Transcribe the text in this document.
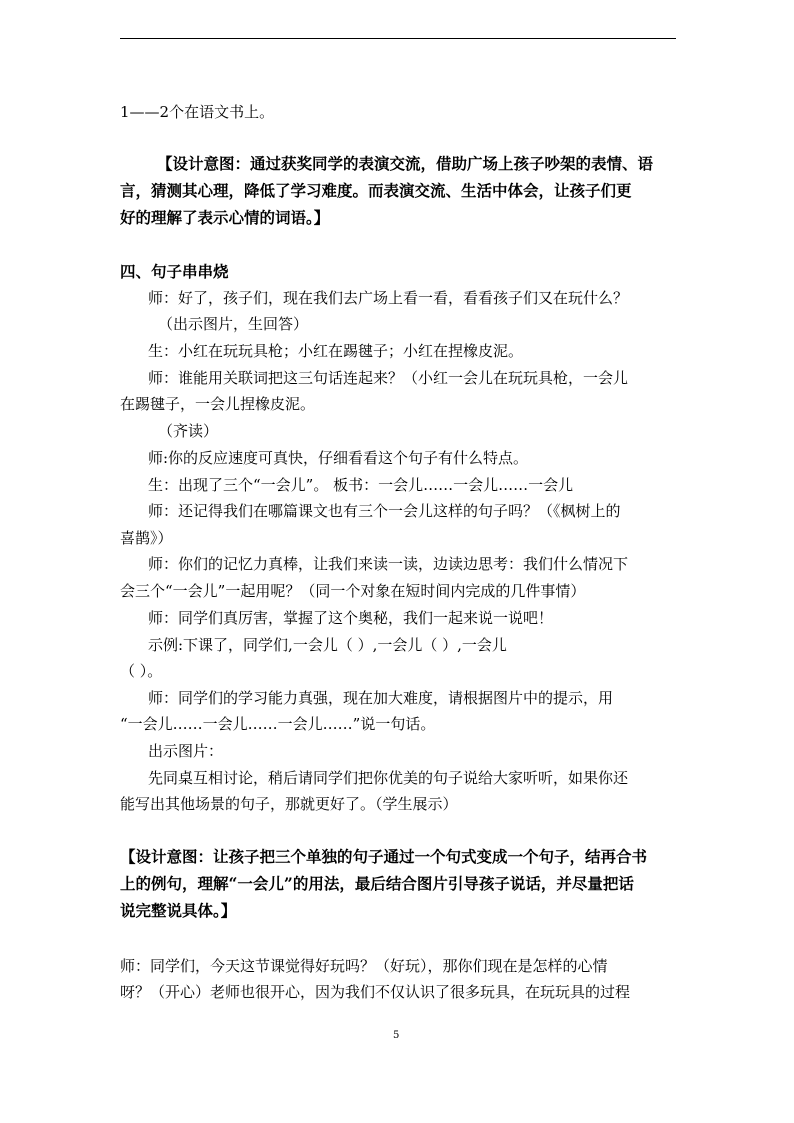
1——2个在语文书上。
【设计意图：通过获奖同学的表演交流，借助广场上孩子吵架的表情、语
言，猜测其心理，降低了学习难度。而表演交流、生活中体会，让孩子们更
好的理解了表示心情的词语。】
四、句子串串烧
师：好了，孩子们，现在我们去广场上看一看，看看孩子们又在玩什么？
（出示图片，生回答）
生：小红在玩玩具枪；小红在踢毽子；小红在捏橡皮泥。
师：谁能用关联词把这三句话连起来？（小红一会儿在玩玩具枪，一会儿
在踢毽子，一会儿捏橡皮泥。
（齐读）
师:你的反应速度可真快，仔细看看这个句子有什么特点。
生：出现了三个“一会儿”。 板书：一会儿……一会儿……一会儿
师：还记得我们在哪篇课文也有三个一会儿这样的句子吗？（《枫树上的
喜鹊》）
师：你们的记忆力真棒，让我们来读一读，边读边思考：我们什么情况下
会三个“一会儿”一起用呢？（同一个对象在短时间内完成的几件事情）
师：同学们真厉害，掌握了这个奥秘，我们一起来说一说吧！
示例:下课了，同学们,一会儿（ ）,一会儿（ ）,一会儿
（ ）。
师：同学们的学习能力真强，现在加大难度，请根据图片中的提示，用
“一会儿……一会儿……一会儿……”说一句话。
出示图片：
先同桌互相讨论，稍后请同学们把你优美的句子说给大家听听，如果你还
能写出其他场景的句子，那就更好了。（学生展示）
【设计意图：让孩子把三个单独的句子通过一个句式变成一个句子，结再合书
上的例句，理解“一会儿”的用法，最后结合图片引导孩子说话，并尽量把话
说完整说具体。】
师：同学们，今天这节课觉得好玩吗？（好玩），那你们现在是怎样的心情
呀？（开心）老师也很开心，因为我们不仅认识了很多玩具，在玩玩具的过程
5
